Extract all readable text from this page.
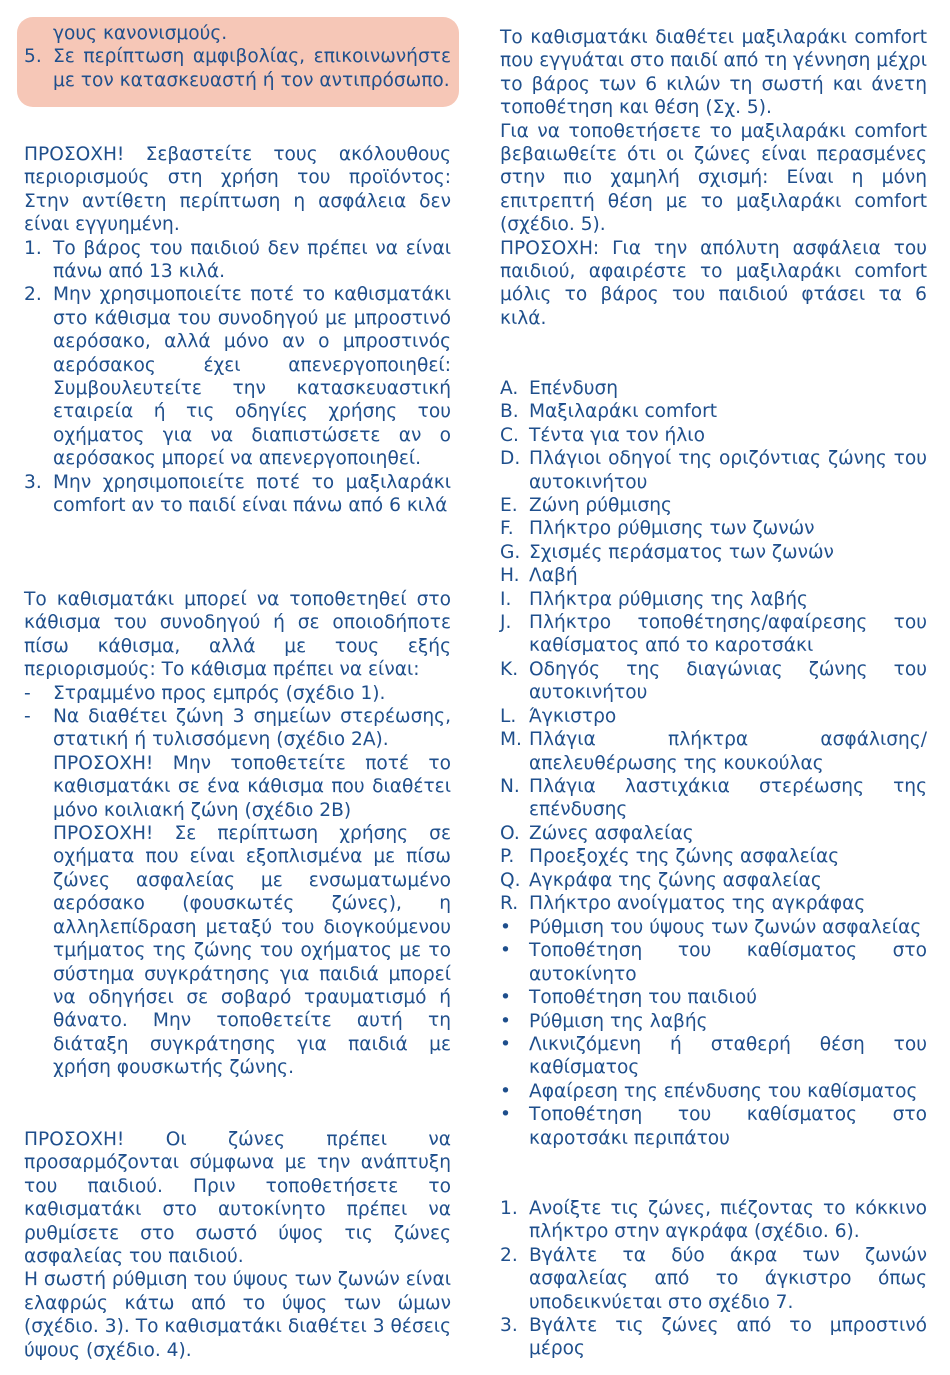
γους κανονισμούς.

5. Σε περίπτωση αμφιβολίας, επικοινωνήστε με τον κατασκευαστή ή τον αντιπρόσωπο.

ΠΡΟΣΟΧΗ! Σεβαστείτε τους ακόλουθους περιορισμούς στη χρήση του προϊόντος: Στην αντίθετη περίπτωση η ασφάλεια δεν είναι εγγυημένη.

1. Το βάρος του παιδιού δεν πρέπει να είναι πάνω από 13 κιλά.
2. Μην χρησιμοποιείτε ποτέ το καθισματάκι στο κάθισμα του συνοδηγού με μπροστινό αερόσακο, αλλά μόνο αν ο μπροστινός αερόσακος έχει απενεργοποιηθεί: Συμβουλευτείτε την κατασκευαστική εταιρεία ή τις οδηγίες χρήσης του οχήματος για να διαπιστώσετε αν ο αερόσακος μπορεί να απενεργοποιηθεί.
3. Μην χρησιμοποιείτε ποτέ το μαξιλαράκι comfort αν το παιδί είναι πάνω από 6 κιλά

Το καθισματάκι μπορεί να τοποθετηθεί στο κάθισμα του συνοδηγού ή σε οποιοδήποτε πίσω κάθισμα, αλλά με τους εξής περιορισμούς: Το κάθισμα πρέπει να είναι:

- Στραμμένο προς εμπρός (σχέδιο 1).
- Να διαθέτει ζώνη 3 σημείων στερέωσης, στατική ή τυλισσόμενη (σχέδιο 2Α).

ΠΡΟΣΟΧΗ! Μην τοποθετείτε ποτέ το καθισματάκι σε ένα κάθισμα που διαθέτει μόνο κοιλιακή ζώνη (σχέδιο 2B)

ΠΡΟΣΟΧΗ! Σε περίπτωση χρήσης σε οχήματα που είναι εξοπλισμένα με πίσω ζώνες ασφαλείας με ενσωματωμένο αερόσακο (φουσκωτές ζώνες), η αλληλεπίδραση μεταξύ του διογκούμενου τμήματος της ζώνης του οχήματος με το σύστημα συγκράτησης για παιδιά μπορεί να οδηγήσει σε σοβαρό τραυματισμό ή θάνατο. Μην τοποθετείτε αυτή τη διάταξη συγκράτησης για παιδιά με χρήση φουσκωτής ζώνης.

ΠΡΟΣΟΧΗ! Οι ζώνες πρέπει να προσαρμόζονται σύμφωνα με την ανάπτυξη του παιδιού. Πριν τοποθετήσετε το καθισματάκι στο αυτοκίνητο πρέπει να ρυθμίσετε στο σωστό ύψος τις ζώνες ασφαλείας του παιδιού.

Η σωστή ρύθμιση του ύψους των ζωνών είναι ελαφρώς κάτω από το ύψος των ώμων (σχέδιο. 3). Το καθισματάκι διαθέτει 3 θέσεις ύψους (σχέδιο. 4).

Το καθισματάκι διαθέτει μαξιλαράκι comfort που εγγυάται στο παιδί από τη γέννηση μέχρι το βάρος των 6 κιλών τη σωστή και άνετη τοποθέτηση και θέση (Σχ. 5).

Για να τοποθετήσετε το μαξιλαράκι comfort βεβαιωθείτε ότι οι ζώνες είναι περασμένες στην πιο χαμηλή σχισμή: Είναι η μόνη επιτρεπτή θέση με το μαξιλαράκι comfort (σχέδιο. 5).

ΠΡΟΣΟΧΗ: Για την απόλυτη ασφάλεια του παιδιού, αφαιρέστε το μαξιλαράκι comfort μόλις το βάρος του παιδιού φτάσει τα 6 κιλά.

A. Επένδυση
B. Μαξιλαράκι comfort
C. Τέντα για τον ήλιο
D. Πλάγιοι οδηγοί της οριζόντιας ζώνης του αυτοκινήτου
E. Ζώνη ρύθμισης
F. Πλήκτρο ρύθμισης των ζωνών
G. Σχισμές περάσματος των ζωνών
H. Λαβή
I. Πλήκτρα ρύθμισης της λαβής
J. Πλήκτρο τοποθέτησης/αφαίρεσης του καθίσματος από το καροτσάκι
K. Οδηγός της διαγώνιας ζώνης του αυτοκινήτου
L. Άγκιστρο
M. Πλάγια πλήκτρα ασφάλισης/ απελευθέρωσης της κουκούλας
N. Πλάγια λαστιχάκια στερέωσης της επένδυσης
O. Ζώνες ασφαλείας
P. Προεξοχές της ζώνης ασφαλείας
Q. Αγκράφα της ζώνης ασφαλείας
R. Πλήκτρο ανοίγματος της αγκράφας
• Ρύθμιση του ύψους των ζωνών ασφαλείας
• Τοποθέτηση του καθίσματος στο αυτοκίνητο
• Τοποθέτηση του παιδιού
• Ρύθμιση της λαβής
• Λικνιζόμενη ή σταθερή θέση του καθίσματος
• Αφαίρεση της επένδυσης του καθίσματος
• Τοποθέτηση του καθίσματος στο καροτσάκι περιπάτου
1. Ανοίξτε τις ζώνες, πιέζοντας το κόκκινο πλήκτρο στην αγκράφα (σχέδιο. 6).
2. Βγάλτε τα δύο άκρα των ζωνών ασφαλείας από το άγκιστρο όπως υποδεικνύεται στο σχέδιο 7.
3. Βγάλτε τις ζώνες από το μπροστινό μέρος
